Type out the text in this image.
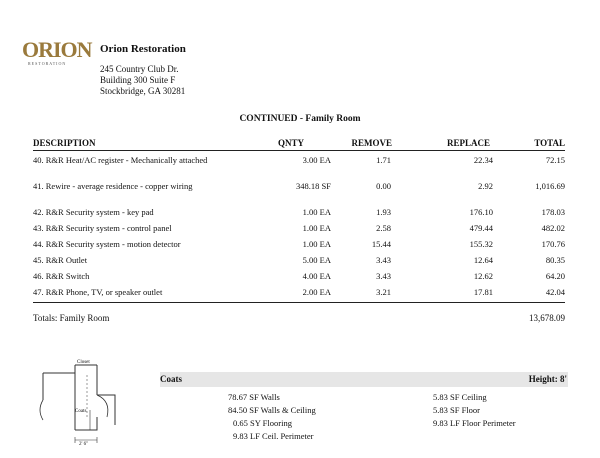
ORION
RESTORATION
Orion Restoration
245 Country Club Dr.
Building 300 Suite F
Stockbridge, GA 30281
CONTINUED - Family Room
DESCRIPTION	QNTY	REMOVE	REPLACE	TOTAL
40. R&R Heat/AC register - Mechanically attached	3.00 EA	1.71	22.34	72.15
41. Rewire - average residence - copper wiring	348.18 SF	0.00	2.92	1,016.69
42. R&R Security system - key pad	1.00 EA	1.93	176.10	178.03
43. R&R Security system - control panel	1.00 EA	2.58	479.44	482.02
44. R&R Security system - motion detector	1.00 EA	15.44	155.32	170.76
45. R&R Outlet	5.00 EA	3.43	12.64	80.35
46. R&R Switch	4.00 EA	3.43	12.62	64.20
47. R&R Phone, TV, or speaker outlet	2.00 EA	3.21	17.81	42.04
Totals: Family Room	13,678.09
Closet
Coats
2' 6"
Coats	Height: 8'
78.67 SF Walls
84.50 SF Walls & Ceiling
0.65 SY Flooring
9.83 LF Ceil. Perimeter
5.83 SF Ceiling
5.83 SF Floor
9.83 LF Floor Perimeter
